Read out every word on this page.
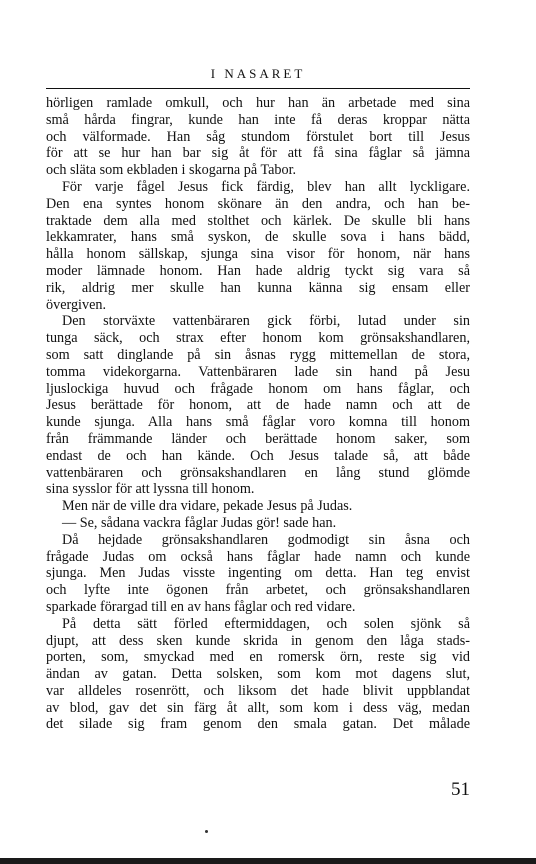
I NASARET
hörligen ramlade omkull, och hur han än arbetade med sina
små hårda fingrar, kunde han inte få deras kroppar nätta
och välformade. Han såg stundom förstulet bort till Jesus
för att se hur han bar sig åt för att få sina fåglar så jämna
och släta som ekbladen i skogarna på Tabor.
För varje fågel Jesus fick färdig, blev han allt lyckligare.
Den ena syntes honom skönare än den andra, och han be-
traktade dem alla med stolthet och kärlek. De skulle bli hans
lekkamrater, hans små syskon, de skulle sova i hans bädd,
hålla honom sällskap, sjunga sina visor för honom, när hans
moder lämnade honom. Han hade aldrig tyckt sig vara så
rik, aldrig mer skulle han kunna känna sig ensam eller
övergiven.
Den storväxte vattenbäraren gick förbi, lutad under sin
tunga säck, och strax efter honom kom grönsakshandlaren,
som satt dinglande på sin åsnas rygg mittemellan de stora,
tomma videkorgarna. Vattenbäraren lade sin hand på Jesu
ljuslockiga huvud och frågade honom om hans fåglar, och
Jesus berättade för honom, att de hade namn och att de
kunde sjunga. Alla hans små fåglar voro komna till honom
från främmande länder och berättade honom saker, som
endast de och han kände. Och Jesus talade så, att både
vattenbäraren och grönsakshandlaren en lång stund glömde
sina sysslor för att lyssna till honom.
Men när de ville dra vidare, pekade Jesus på Judas.
— Se, sådana vackra fåglar Judas gör! sade han.
Då hejdade grönsakshandlaren godmodigt sin åsna och
frågade Judas om också hans fåglar hade namn och kunde
sjunga. Men Judas visste ingenting om detta. Han teg envist
och lyfte inte ögonen från arbetet, och grönsakshandlaren
sparkade förargad till en av hans fåglar och red vidare.
På detta sätt förled eftermiddagen, och solen sjönk så
djupt, att dess sken kunde skrida in genom den låga stads-
porten, som, smyckad med en romersk örn, reste sig vid
ändan av gatan. Detta solsken, som kom mot dagens slut,
var alldeles rosenrött, och liksom det hade blivit uppblandat
av blod, gav det sin färg åt allt, som kom i dess väg, medan
det silade sig fram genom den smala gatan. Det målade
51
